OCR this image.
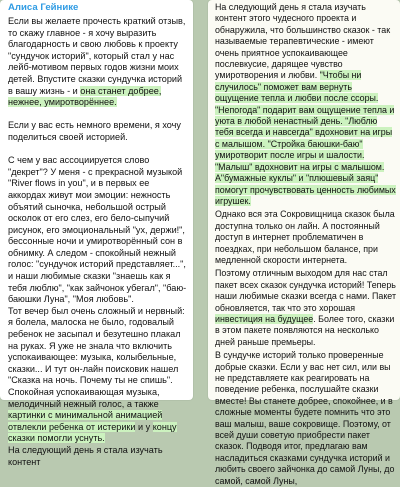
Алиса Гейнике

Если вы желаете прочесть краткий отзыв, то скажу главное - я хочу выразить благодарность и свою любовь к проекту "сундучок историй", который стал у нас лейб-мотивом первых годов жизни моих детей. Впустите сказки сундучка историй в вашу жизнь - и она станет добрее, нежнее, умиротворённее.

Если у вас есть немного времени, я хочу поделиться своей историей.

С чем у вас ассоциируется слово "декрет"? У меня - с прекрасной музыкой "River flows in you", и в первых ее аккордах живут мои эмоции: нежность объятий сыночка, небольшой острый осколок от его слез, его бело-сыпучий рисунок, его эмоциональный "ух, держи!", бессонные ночи и умиротворённый сон в обнимку. А следом - спокойный нежный голос: "сундучок историй представляет...", и наши любимые сказки "знаешь как я тебя люблю", "как зайчонок убегал", "баю-баюшки Луна", "Моя любовь".

Тот вечер был очень сложный и нервный: я болела, малоска не было, годовалый ребенок не засыпал и безутешно плакал на руках. Я уже не знала что включить успокаивающее: музыка, колыбельные, сказки... И тут он-лайн поисковик нашел "Сказка на ночь. Почему ты не спишь". Спокойная успокаивающая музыка, мелодичный нежный голос, а также картинки с минимальной анимацией отвлекли ребенка от истерики и у концу сказки помогли уснуть.

На следующий день я стала изучать контент

На следующий день я стала изучать контент этого чудесного проекта и обнаружила, что большинство сказок - так называемые терапевтические - имеют очень приятное успокаивающее послевкусие, дарящее чувство умиротворения и любви. "Чтобы ни случилось" поможет вам вернуть ощущение тепла и любви после ссоры. "Непогода" подарит вам ощущение тепла и уюта в любой ненастный день. "Люблю тебя всегда и навсегда" вдохновит на игры с малышом. "Стройка баюшки-баю" умиротворит после игры и шалости. "Малыш" вдохновит на игры с малышом. А"бумажные куклы" и "плюшевый заяц" помогут прочувствовать ценность любимых игрушек.

Однако вся эта Сокровищница сказок была доступна только он лайн. А постоянный доступ в интернет проблематичен в поездках, при небольшом балансе, при медленной скорости интернета.

Поэтому отличным выходом для нас стал пакет всех сказок сундучка историй! Теперь наши любимые сказки всегда с нами. Пакет обновляется, так что это хорошая инвестиция на будущее. Более того, сказки в этом пакете появляются на несколько дней раньше премьеры.

В сундучке историй только проверенные добрые сказки. Если у вас нет сил, или вы не представляете как реагировать на поведение ребенка, послушайте сказки вместе! Вы станете добрее, спокойнее, и в сложные моменты будете помнить что это ваш малыш, ваше сокровище. Поэтому, от всей души советую приобрести пакет сказок. Подводя итог, предлагаю вам насладиться сказками сундучка историй и любить своего зайчонка до самой Луны, до самой, самой Луны,
